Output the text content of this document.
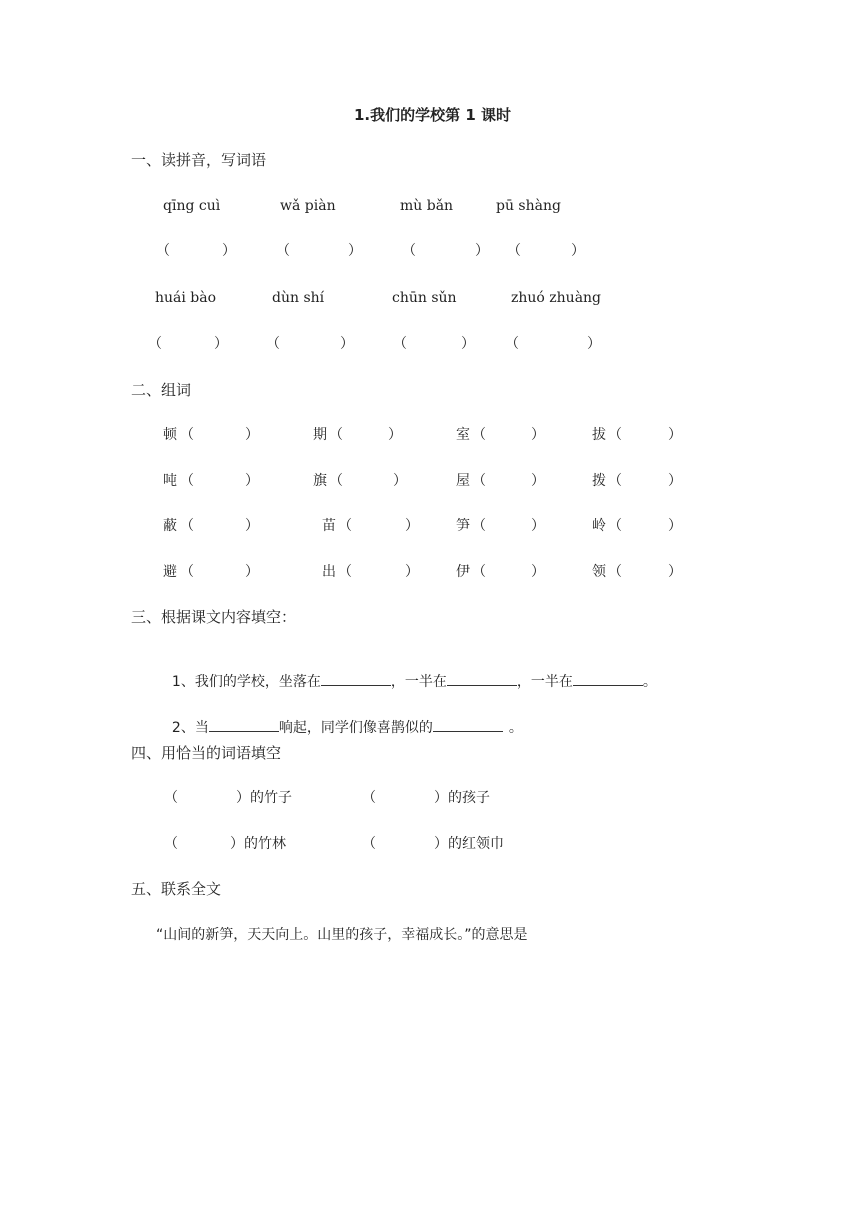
1.我们的学校第 1 课时
一、读拼音，写词语
qīng cuì	wǎ piàn	mù bǎn	pū shàng
（	）	（	）	（	） （	）
huái bào	dùn shí	chūn sǔn	zhuó zhuàng
（	）	（	）	（	） （	）
二、组词
顿 （	）	期 （	）	室 （	）	拔 （	）
吨 （	）	旗 （	）	屋 （	）	拨 （	）
蔽 （	）	苗 （	）	笋 （	）	岭 （	）
避 （	）	出 （	）	伊 （	）	领 （	）
三、根据课文内容填空：

1、我们的学校，坐落在	，一半在	，一半在	。

2、当	响起，同学们像喜鹊似的	。

四、用恰当的词语填空
（	）的竹子	（	）的孩子
（	）的竹林	（	）的红领巾
五、联系全文
“山间的新笋，天天向上。山里的孩子，幸福成长。”的意思是
